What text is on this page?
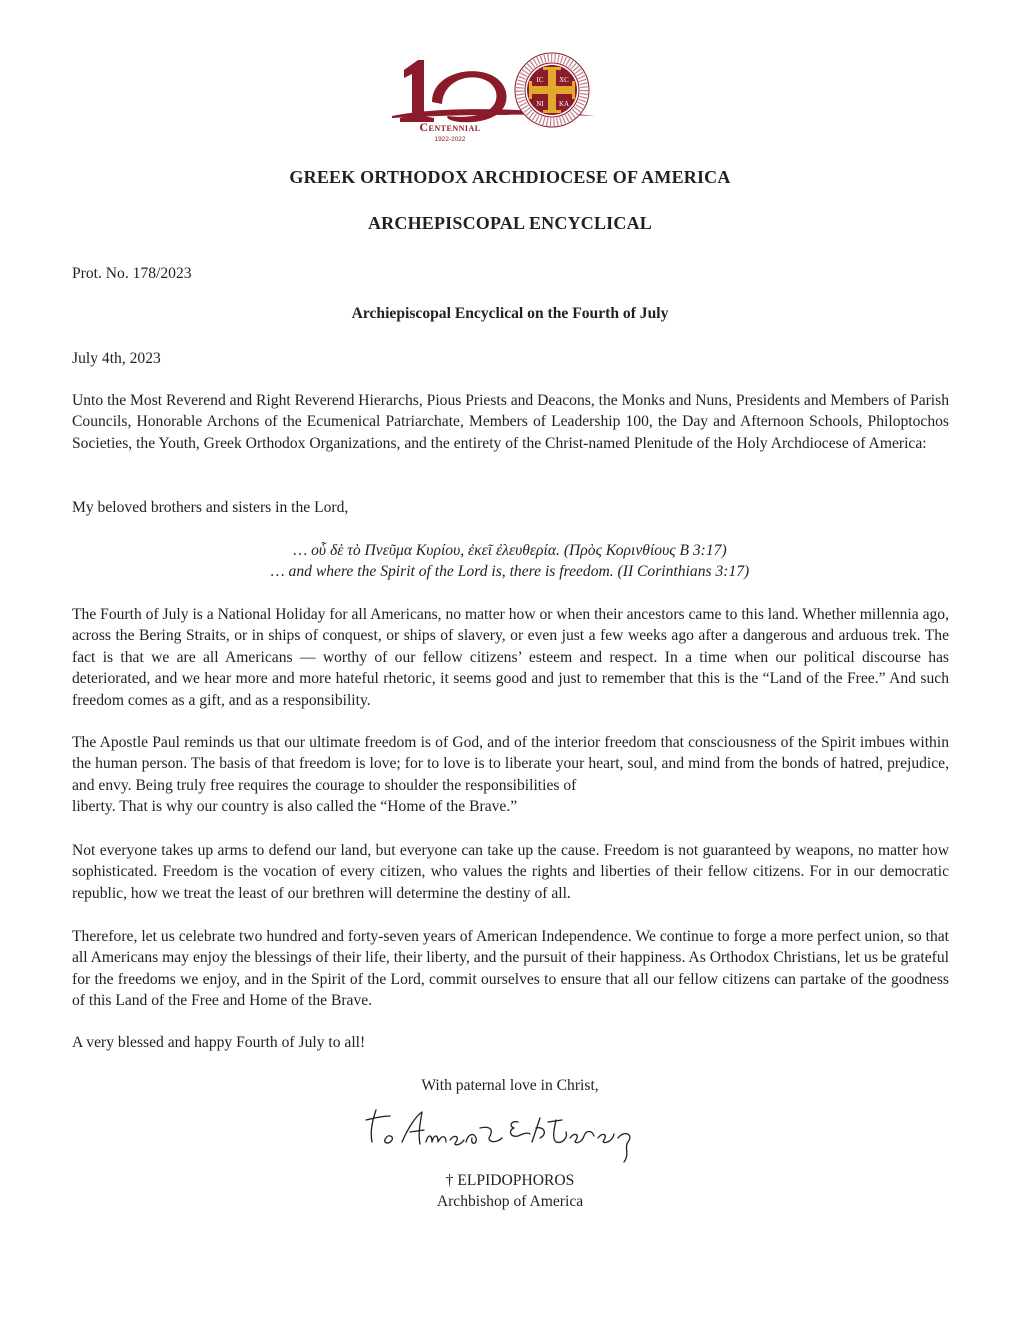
Centennial
1922-2022
IC XC
NI KA
GREEK ORTHODOX ARCHDIOCESE OF AMERICA
ARCHEPISCOPAL ENCYCLICAL

Prot. No. 178/2023

Archiepiscopal Encyclical on the Fourth of July

July 4th, 2023

Unto the Most Reverend and Right Reverend Hierarchs, Pious Priests and Deacons, the Monks and Nuns, Presidents and Members of Parish Councils, Honorable Archons of the Ecumenical Patriarchate, Members of Leadership 100, the Day and Afternoon Schools, Philoptochos Societies, the Youth, Greek Orthodox Organizations, and the entirety of the Christ-named Plenitude of the Holy Archdiocese of America:

My beloved brothers and sisters in the Lord,

… οὗ δὲ τὸ Πνεῦμα Κυρίου, ἐκεῖ ἐλευθερία. (Πρὸς Κορινθίους Β 3:17)
… and where the Spirit of the Lord is, there is freedom. (II Corinthians 3:17)

The Fourth of July is a National Holiday for all Americans, no matter how or when their ancestors came to this land. Whether millennia ago, across the Bering Straits, or in ships of conquest, or ships of slavery, or even just a few weeks ago after a dangerous and arduous trek. The fact is that we are all Americans — worthy of our fellow citizens’ esteem and respect. In a time when our political discourse has deteriorated, and we hear more and more hateful rhetoric, it seems good and just to remember that this is the “Land of the Free.” And such freedom comes as a gift, and as a responsibility.

The Apostle Paul reminds us that our ultimate freedom is of God, and of the interior freedom that consciousness of the Spirit imbues within the human person. The basis of that freedom is love; for to love is to liberate your heart, soul, and mind from the bonds of hatred, prejudice, and envy. Being truly free requires the courage to shoulder the responsibilities of
liberty. That is why our country is also called the “Home of the Brave.”

Not everyone takes up arms to defend our land, but everyone can take up the cause. Freedom is not guaranteed by weapons, no matter how sophisticated. Freedom is the vocation of every citizen, who values the rights and liberties of their fellow citizens. For in our democratic republic, how we treat the least of our brethren will determine the destiny of all.

Therefore, let us celebrate two hundred and forty-seven years of American Independence. We continue to forge a more perfect union, so that all Americans may enjoy the blessings of their life, their liberty, and the pursuit of their happiness. As Orthodox Christians, let us be grateful for the freedoms we enjoy, and in the Spirit of the Lord, commit ourselves to ensure that all our fellow citizens can partake of the goodness of this Land of the Free and Home of the Brave.

A very blessed and happy Fourth of July to all!

With paternal love in Christ,

† ELPIDOPHOROS
Archbishop of America
